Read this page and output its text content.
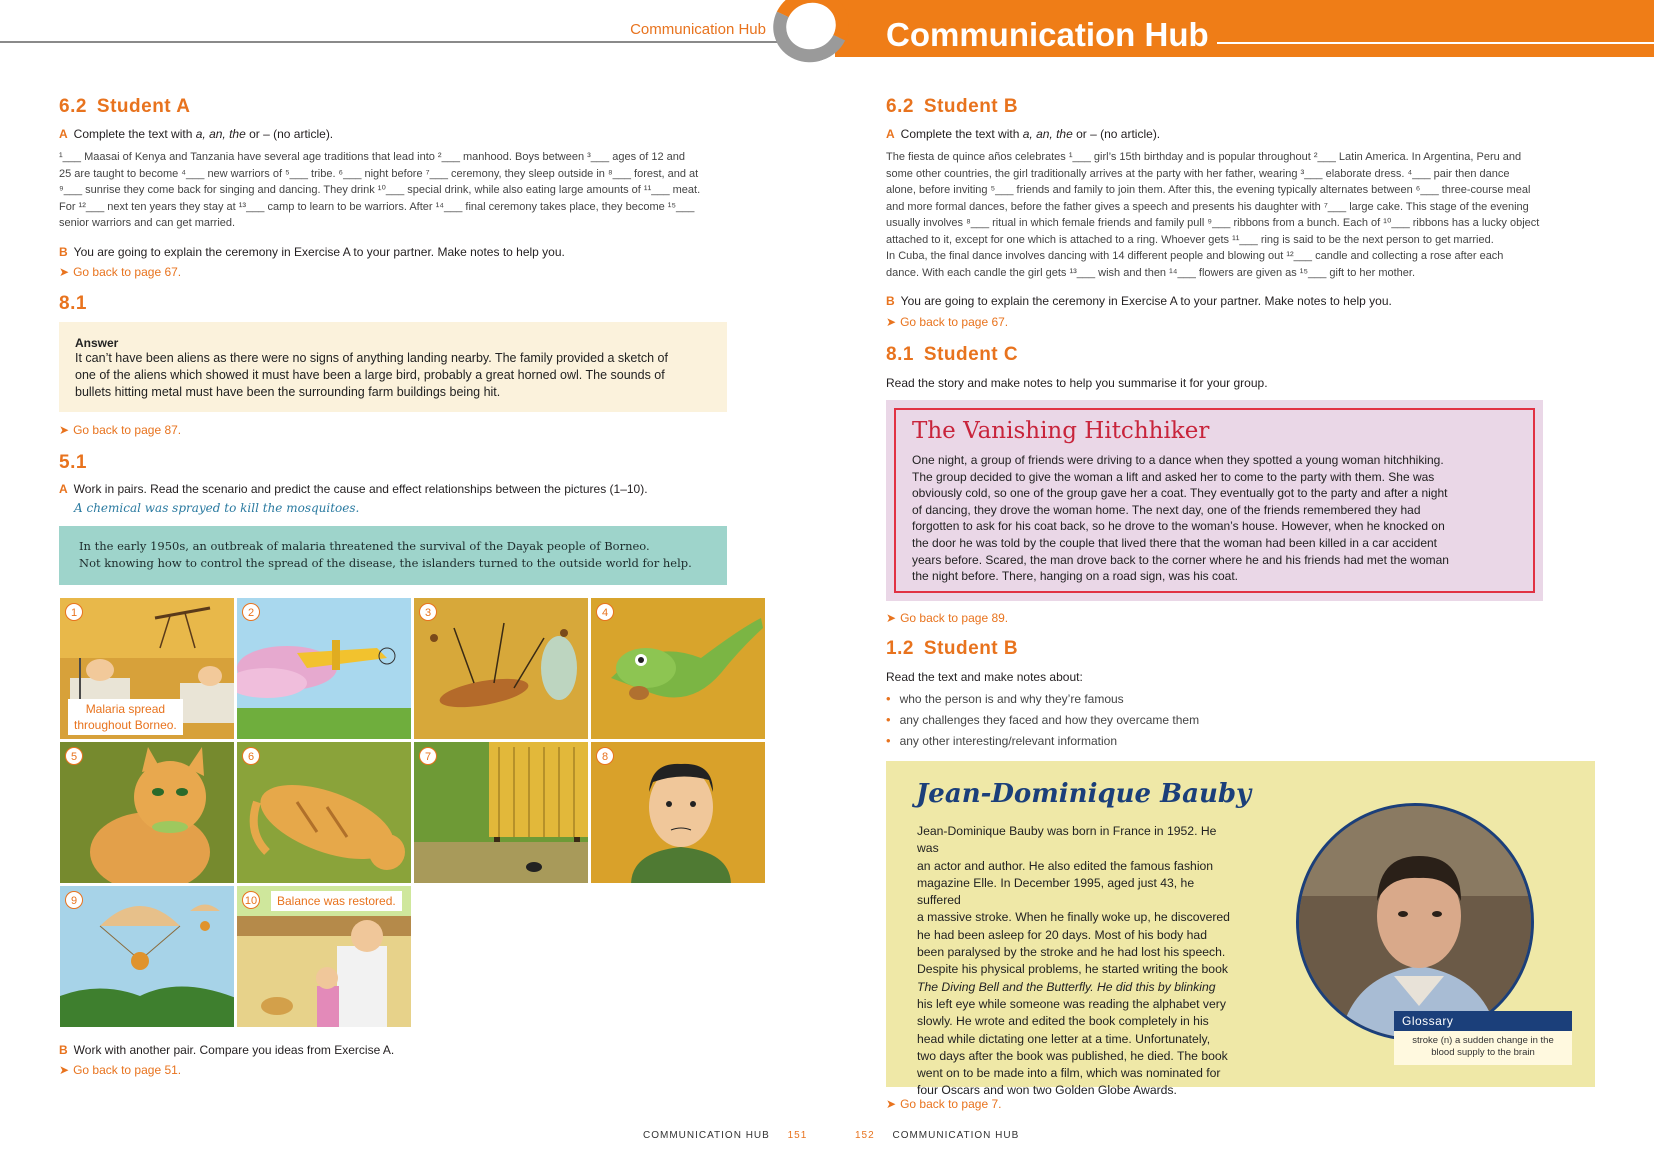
Communication Hub	Communication Hub
6.2 Student A
A Complete the text with a, an, the or – (no article).
¹___ Maasai of Kenya and Tanzania have several age traditions that lead into ²___ manhood. Boys between ³___ ages of 12 and
25 are taught to become ⁴___ new warriors of ⁵___ tribe. ⁶___ night before ⁷___ ceremony, they sleep outside in ⁸___ forest, and at
⁹___ sunrise they come back for singing and dancing. They drink ¹⁰___ special drink, while also eating large amounts of ¹¹___ meat.
For ¹²___ next ten years they stay at ¹³___ camp to learn to be warriors. After ¹⁴___ final ceremony takes place, they become ¹⁵___
senior warriors and can get married.
B You are going to explain the ceremony in Exercise A to your partner. Make notes to help you.
➤ Go back to page 67.
8.1
Answer
It can’t have been aliens as there were no signs of anything landing nearby. The family provided a sketch of
one of the aliens which showed it must have been a large bird, probably a great horned owl. The sounds of
bullets hitting metal must have been the surrounding farm buildings being hit.
➤ Go back to page 87.
5.1
A Work in pairs. Read the scenario and predict the cause and effect relationships between the pictures (1–10).
A chemical was sprayed to kill the mosquitoes.
In the early 1950s, an outbreak of malaria threatened the survival of the Dayak people of Borneo.
Not knowing how to control the spread of the disease, the islanders turned to the outside world for help.
1
Malaria spread
throughout Borneo.
2	3	4
5	6	7	8
9	10	Balance was restored.
B Work with another pair. Compare you ideas from Exercise A.
➤ Go back to page 51.
6.2 Student B
A Complete the text with a, an, the or – (no article).
The fiesta de quince años celebrates ¹___ girl’s 15th birthday and is popular throughout ²___ Latin America. In Argentina, Peru and
some other countries, the girl traditionally arrives at the party with her father, wearing ³___ elaborate dress. ⁴___ pair then dance
alone, before inviting ⁵___ friends and family to join them. After this, the evening typically alternates between ⁶___ three-course meal
and more formal dances, before the father gives a speech and presents his daughter with ⁷___ large cake. This stage of the evening
usually involves ⁸___ ritual in which female friends and family pull ⁹___ ribbons from a bunch. Each of ¹⁰___ ribbons has a lucky object
attached to it, except for one which is attached to a ring. Whoever gets ¹¹___ ring is said to be the next person to get married.
In Cuba, the final dance involves dancing with 14 different people and blowing out ¹²___ candle and collecting a rose after each
dance. With each candle the girl gets ¹³___ wish and then ¹⁴___ flowers are given as ¹⁵___ gift to her mother.
B You are going to explain the ceremony in Exercise A to your partner. Make notes to help you.
➤ Go back to page 67.
8.1 Student C
Read the story and make notes to help you summarise it for your group.
The Vanishing Hitchhiker
One night, a group of friends were driving to a dance when they spotted a young woman hitchhiking.
The group decided to give the woman a lift and asked her to come to the party with them. She was
obviously cold, so one of the group gave her a coat. They eventually got to the party and after a night
of dancing, they drove the woman home. The next day, one of the friends remembered they had
forgotten to ask for his coat back, so he drove to the woman’s house. However, when he knocked on
the door he was told by the couple that lived there that the woman had been killed in a car accident
years before. Scared, the man drove back to the corner where he and his friends had met the woman
the night before. There, hanging on a road sign, was his coat.
➤ Go back to page 89.
1.2 Student B
Read the text and make notes about:
• who the person is and why they’re famous
• any challenges they faced and how they overcame them
• any other interesting/relevant information
Jean-Dominique Bauby
Jean-Dominique Bauby was born in France in 1952. He was
an actor and author. He also edited the famous fashion
magazine Elle. In December 1995, aged just 43, he suffered
a massive stroke. When he finally woke up, he discovered
he had been asleep for 20 days. Most of his body had
been paralysed by the stroke and he had lost his speech.
Despite his physical problems, he started writing the book
The Diving Bell and the Butterfly. He did this by blinking
his left eye while someone was reading the alphabet very
slowly. He wrote and edited the book completely in his
head while dictating one letter at a time. Unfortunately,
two days after the book was published, he died. The book
went on to be made into a film, which was nominated for
four Oscars and won two Golden Globe Awards.
Glossary
stroke (n) a sudden change in the
blood supply to the brain
➤ Go back to page 7.
COMMUNICATION HUB 151	152 COMMUNICATION HUB
